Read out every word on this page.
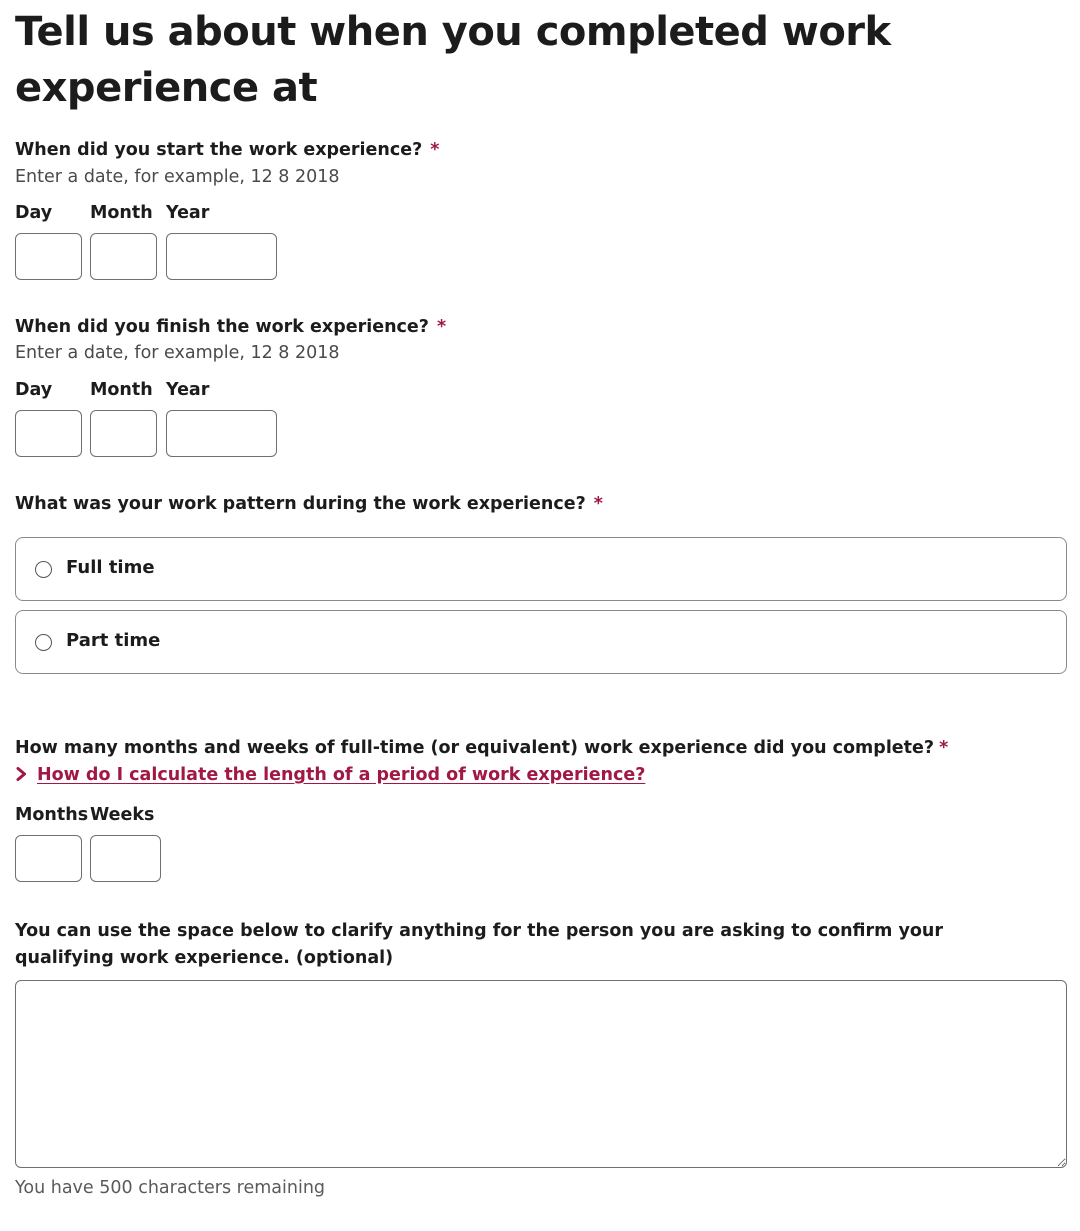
Tell us about when you completed work experience at
When did you start the work experience? *
Enter a date, for example, 12 8 2018
Day Month Year
When did you finish the work experience? *
Enter a date, for example, 12 8 2018
Day Month Year
What was your work pattern during the work experience? *
Full time
Part time
How many months and weeks of full-time (or equivalent) work experience did you complete? *
How do I calculate the length of a period of work experience?
Months Weeks
You can use the space below to clarify anything for the person you are asking to confirm your qualifying work experience. (optional)
You have 500 characters remaining
